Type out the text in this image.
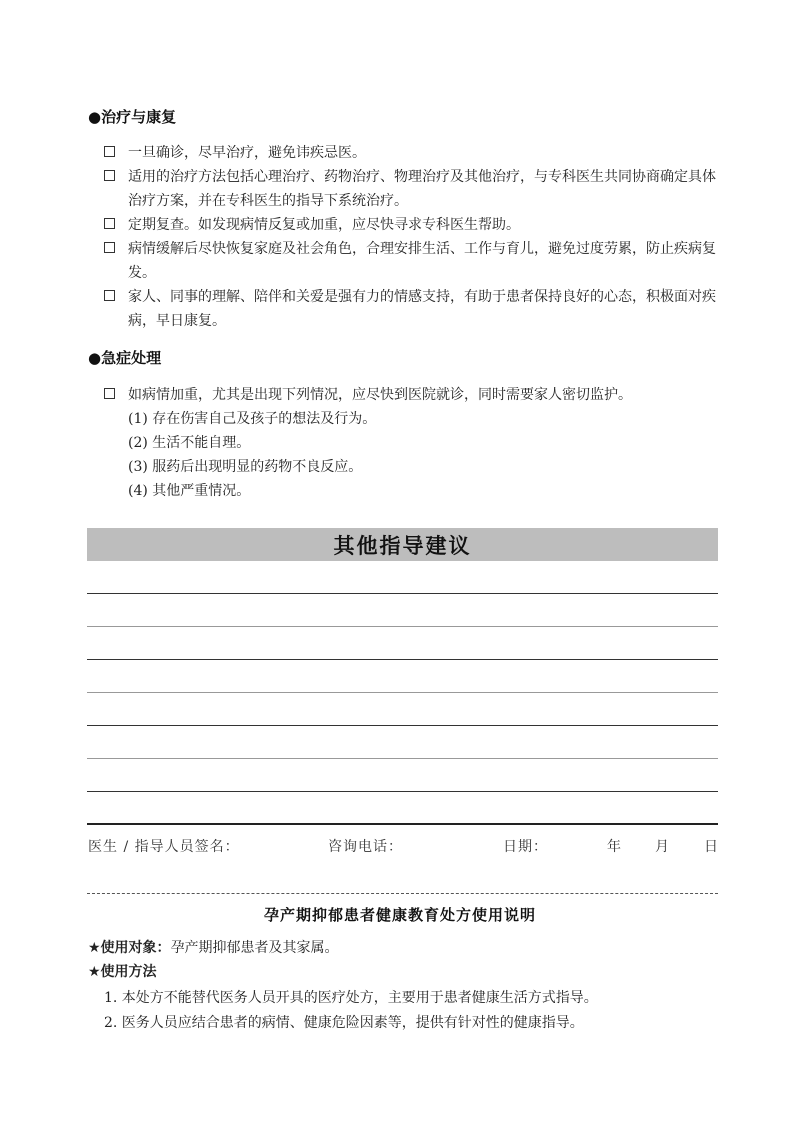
●治疗与康复
一旦确诊，尽早治疗，避免讳疾忌医。
适用的治疗方法包括心理治疗、药物治疗、物理治疗及其他治疗，与专科医生共同协商确定具体治疗方案，并在专科医生的指导下系统治疗。
定期复查。如发现病情反复或加重，应尽快寻求专科医生帮助。
病情缓解后尽快恢复家庭及社会角色，合理安排生活、工作与育儿，避免过度劳累，防止疾病复发。
家人、同事的理解、陪伴和关爱是强有力的情感支持，有助于患者保持良好的心态，积极面对疾病，早日康复。
●急症处理
如病情加重，尤其是出现下列情况，应尽快到医院就诊，同时需要家人密切监护。
(1) 存在伤害自己及孩子的想法及行为。
(2) 生活不能自理。
(3) 服药后出现明显的药物不良反应。
(4) 其他严重情况。
其他指导建议
医生 / 指导人员签名：	咨询电话：	日期：	年 月 日
孕产期抑郁患者健康教育处方使用说明
★使用对象：孕产期抑郁患者及其家属。
★使用方法
1. 本处方不能替代医务人员开具的医疗处方，主要用于患者健康生活方式指导。
2. 医务人员应结合患者的病情、健康危险因素等，提供有针对性的健康指导。
